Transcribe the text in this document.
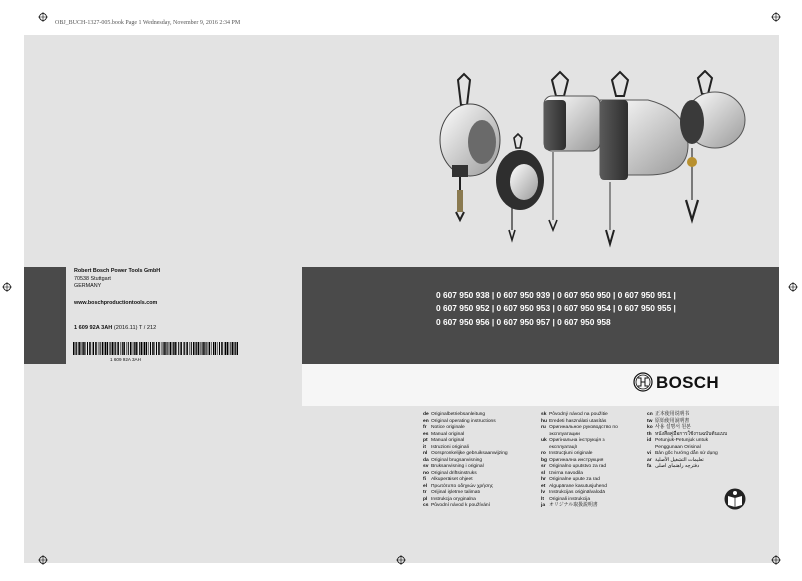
OBJ_BUCH-1327-005.book Page 1 Wednesday, November 9, 2016 2:34 PM
0 607 950 938 | 0 607 950 939 | 0 607 950 950 | 0 607 950 951 |
0 607 950 952 | 0 607 950 953 | 0 607 950 954 | 0 607 950 955 |
0 607 950 956 | 0 607 950 957 | 0 607 950 958
Robert Bosch Power Tools GmbH
70538 Stuttgart
GERMANY
www.boschproductiontools.com
1 609 92A 3AH (2016.11) T / 212
1 609 92A 3AH
BOSCH
de Originalbetriebsanleitung
en Original operating instructions
fr Notice originale
es Manual original
pt Manual original
it Istruzioni originali
nl Oorspronkelijke gebruiksaanwijzing
da Original brugsanvisning
sv Bruksanvisning i original
no Original driftsinstruks
fi Alkuperäiset ohjeet
el Πρωτότυπο οδηγιών χρήσης
tr Orijinal işletme talimatı
pl Instrukcja oryginalna
cs Původní návod k používání
sk Pôvodný návod na použitie
hu Eredeti használati utasítás
ru Оригинальное руководство по
эксплуатации
uk Оригінальна інструкція з
експлуатації
ro Instrucţiuni originale
bg Оригинална инструкция
sr Originalno uputstvo za rad
sl Izvirna navodila
hr Originalne upute za rad
et Algupärane kasutusjuhend
lv Instrukcijas oriģinālvalodā
lt Originali instrukcija
ja オリジナル取扱説明書
cn 正本使用说明书
tw 原始使用說明書
ko 사용 설명서 원본
th หนังสือคู่มือการใช้งานฉบับต้นแบบ
id Petunjuk-Petunjuk untuk
Penggunaan Orisinal
vi Bản gốc hướng dẫn sử dụng
ar تعليمات التشغيل الأصلية
fa دفترچه راهنمای اصلی
